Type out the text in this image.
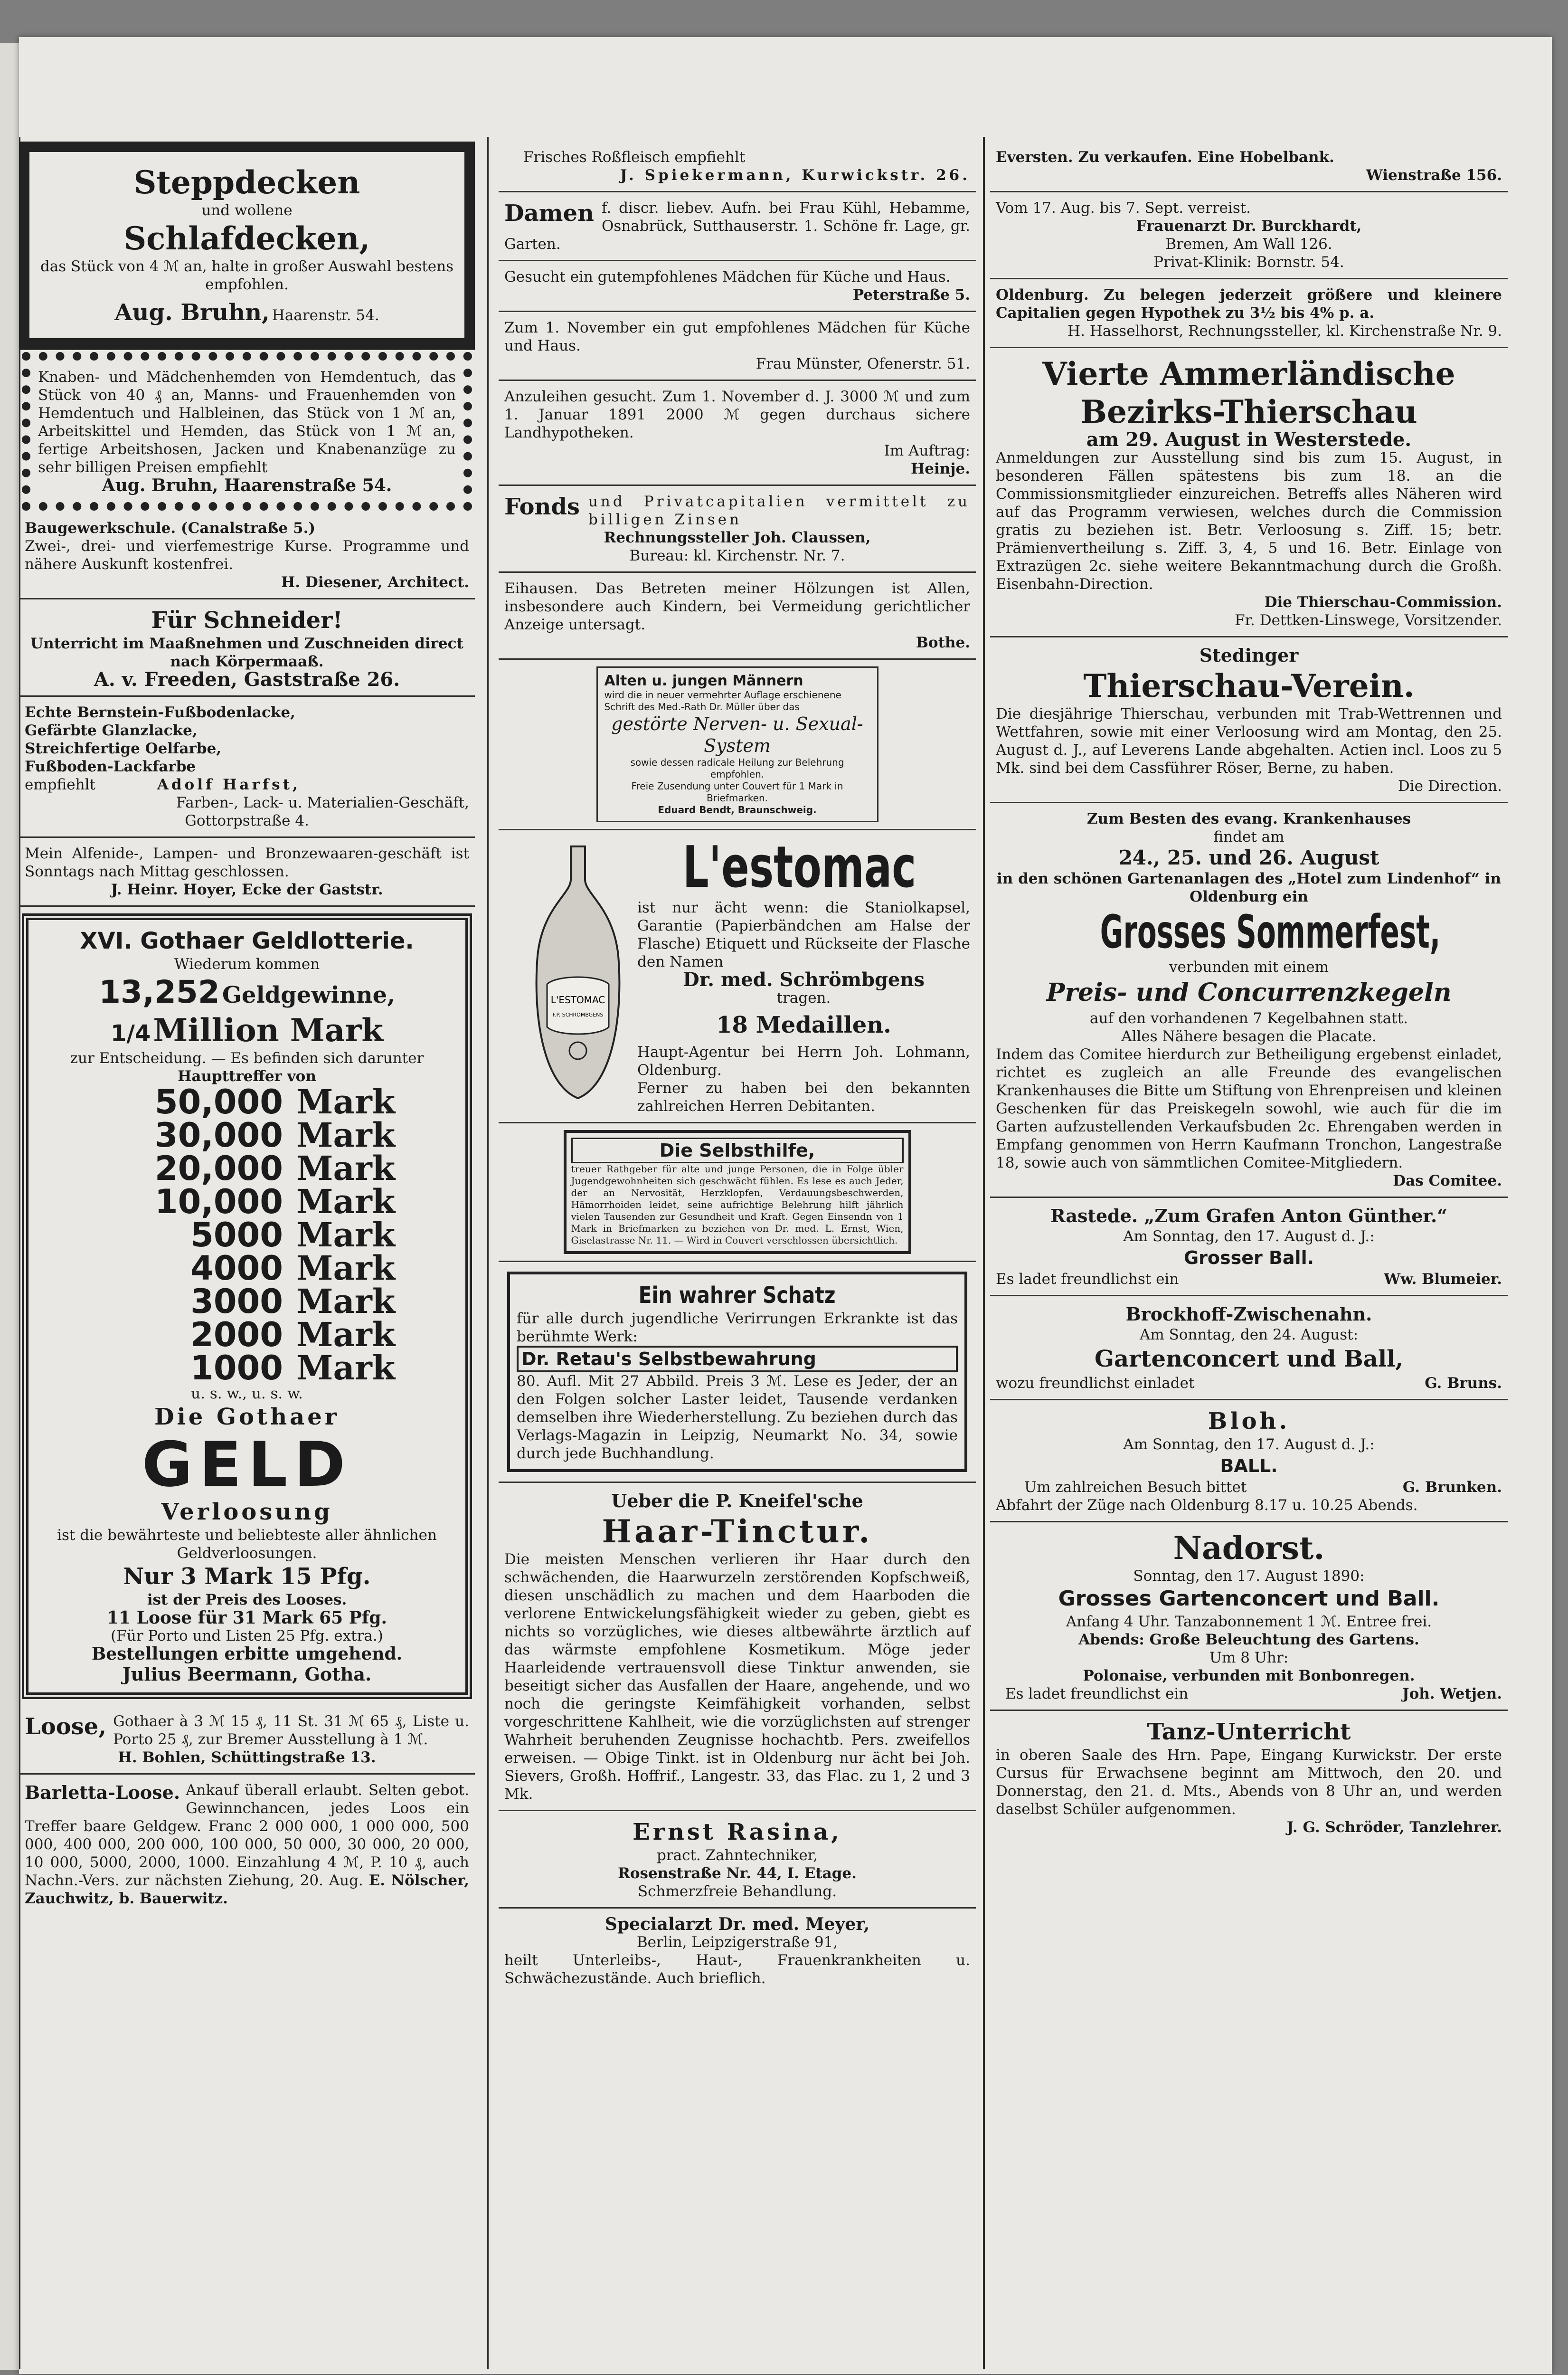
Steppdecken
und wollene
Schlafdecken,

das Stück von 4 ℳ an, halte in großer Auswahl bestens empfohlen.

Aug. Bruhn, Haarenstr. 54.

Knaben- und Mädchenhemden von Hemdentuch, das Stück von 40 ₰ an, Manns- und Frauenhemden von Hemdentuch und Halbleinen, das Stück von 1 ℳ an, Arbeitskittel und Hemden, das Stück von 1 ℳ an, fertige Arbeitshosen, Jacken und Knabenanzüge zu sehr billigen Preisen empfiehlt

Aug. Bruhn, Haarenstraße 54.

Baugewerkschule. (Canalstraße 5.)

Zwei-, drei- und vierfemestrige Kurse. Programme und nähere Auskunft kostenfrei.

H. Diesener, Architect.

Für Schneider!

Unterricht im Maaßnehmen und Zuschneiden direct nach Körpermaaß.

A. v. Freeden, Gaststraße 26.

Echte Bernstein-Fußbodenlacke,

Gefärbte Glanzlacke,

Streichfertige Oelfarbe,

Fußboden-Lackfarbe

empfiehlt	Adolf Harfst,

Farben-, Lack- u. Materialien-Geschäft,

Gottorpstraße 4.

Mein Alfenide-, Lampen- und Bronzewaaren-geschäft ist Sonntags nach Mittag geschlossen.

J. Heinr. Hoyer, Ecke der Gaststr.

XVI. Gothaer Geldlotterie.
Wiederum kommen
13,252 Geldgewinne,
1/4 Million Mark
zur Entscheidung. — Es befinden sich darunter
Haupttreffer von
50,000 Mark
30,000 Mark
20,000 Mark
10,000 Mark
5000 Mark
4000 Mark
3000 Mark
2000 Mark
1000 Mark
u. s. w., u. s. w.
Die Gothaer
GELD
Verloosung
ist die bewährteste und beliebteste aller ähnlichen Geldverloosungen.
Nur 3 Mark 15 Pfg.
ist der Preis des Looses.
11 Loose für 31 Mark 65 Pfg.
(Für Porto und Listen 25 Pfg. extra.)
Bestellungen erbitte umgehend.
Julius Beermann, Gotha.

Loose, Gothaer à 3 ℳ 15 ₰, 11 St. 31 ℳ 65 ₰, Liste u. Porto 25 ₰, zur Bremer Ausstellung à 1 ℳ.

H. Bohlen, Schüttingstraße 13.

Barletta-Loose. Ankauf überall erlaubt. Selten gebot. Gewinnchancen, jedes Loos ein Treffer baare Geldgew. Franc 2 000 000, 1 000 000, 500 000, 400 000, 200 000, 100 000, 50 000, 30 000, 20 000, 10 000, 5000, 2000, 1000. Einzahlung 4 ℳ, P. 10 ₰, auch Nachn.-Vers. zur nächsten Ziehung, 20. Aug. E. Nölscher, Zauchwitz, b. Bauerwitz.

Frisches Roßfleisch empfiehlt

J. Spiekermann, Kurwickstr. 26.

Damen f. discr. liebev. Aufn. bei Frau Kühl, Hebamme, Osnabrück, Sutthauserstr. 1. Schöne fr. Lage, gr. Garten.

Gesucht ein gutempfohlenes Mädchen für Küche und Haus.

Peterstraße 5.

Zum 1. November ein gut empfohlenes Mädchen für Küche und Haus.

Frau Münster, Ofenerstr. 51.

Anzuleihen gesucht. Zum 1. November d. J. 3000 ℳ und zum 1. Januar 1891 2000 ℳ gegen durchaus sichere Landhypotheken.

Im Auftrag:

Heinje.

Fonds und Privatcapitalien vermittelt zu billigen Zinsen

Rechnungssteller Joh. Claussen,

Bureau: kl. Kirchenstr. Nr. 7.

Eihausen. Das Betreten meiner Hölzungen ist Allen, insbesondere auch Kindern, bei Vermeidung gerichtlicher Anzeige untersagt.

Bothe.

Alten u. jungen Männern
wird die in neuer vermehrter Auflage erschienene Schrift des Med.-Rath Dr. Müller über das
gestörte Nerven- u. Sexual-System
sowie dessen radicale Heilung zur Belehrung empfohlen.
Freie Zusendung unter Couvert für 1 Mark in Briefmarken.
Eduard Bendt, Braunschweig.
L'ESTOMAC
F.P. SCHRÖMBGENS
L'estomac

ist nur ächt wenn: die Staniolkapsel, Garantie (Papierbändchen am Halse der Flasche) Etiquett und Rückseite der Flasche den Namen

Dr. med. Schrömbgens

tragen.

18 Medaillen.

Haupt-Agentur bei Herrn Joh. Lohmann, Oldenburg.

Ferner zu haben bei den bekannten zahlreichen Herren Debitanten.

Die Selbsthilfe,
treuer Rathgeber für alte und junge Personen, die in Folge übler Jugendgewohnheiten sich geschwächt fühlen. Es lese es auch Jeder, der an Nervosität, Herzklopfen, Verdauungsbeschwerden, Hämorrhoiden leidet, seine aufrichtige Belehrung hilft jährlich vielen Tausenden zur Gesundheit und Kraft. Gegen Einsendn von 1 Mark in Briefmarken zu beziehen von Dr. med. L. Ernst, Wien, Giselastrasse Nr. 11. — Wird in Couvert verschlossen übersichtlich.
Ein wahrer Schatz

für alle durch jugendliche Verirrungen Erkrankte ist das berühmte Werk:

Dr. Retau's Selbstbewahrung

80. Aufl. Mit 27 Abbild. Preis 3 ℳ. Lese es Jeder, der an den Folgen solcher Laster leidet, Tausende verdanken demselben ihre Wiederherstellung. Zu beziehen durch das Verlags-Magazin in Leipzig, Neumarkt No. 34, sowie durch jede Buchhandlung.

Ueber die P. Kneifel'sche
Haar-Tinctur.

Die meisten Menschen verlieren ihr Haar durch den schwächenden, die Haarwurzeln zerstörenden Kopfschweiß, diesen unschädlich zu machen und dem Haarboden die verlorene Entwickelungsfähigkeit wieder zu geben, giebt es nichts so vorzügliches, wie dieses altbewährte ärztlich auf das wärmste empfohlene Kosmetikum. Möge jeder Haarleidende vertrauensvoll diese Tinktur anwenden, sie beseitigt sicher das Ausfallen der Haare, angehende, und wo noch die geringste Keimfähigkeit vorhanden, selbst vorgeschrittene Kahlheit, wie die vorzüglichsten auf strenger Wahrheit beruhenden Zeugnisse hochachtb. Pers. zweifellos erweisen. — Obige Tinkt. ist in Oldenburg nur ächt bei Joh. Sievers, Großh. Hoffrif., Langestr. 33, das Flac. zu 1, 2 und 3 Mk.

Ernst Rasina,

pract. Zahntechniker,

Rosenstraße Nr. 44, I. Etage.

Schmerzfreie Behandlung.

Specialarzt Dr. med. Meyer,

Berlin, Leipzigerstraße 91,

heilt Unterleibs-, Haut-, Frauenkrankheiten u. Schwächezustände. Auch brieflich.

Eversten. Zu verkaufen. Eine Hobelbank.

Wienstraße 156.

Vom 17. Aug. bis 7. Sept. verreist.

Frauenarzt Dr. Burckhardt,

Bremen, Am Wall 126.

Privat-Klinik: Bornstr. 54.

Oldenburg. Zu belegen jederzeit größere und kleinere Capitalien gegen Hypothek zu 3½ bis 4% p. a.

H. Hasselhorst, Rechnungssteller, kl. Kirchenstraße Nr. 9.

Vierte Ammerländische
Bezirks-Thierschau

am 29. August in Westerstede.

Anmeldungen zur Ausstellung sind bis zum 15. August, in besonderen Fällen spätestens bis zum 18. an die Commissionsmitglieder einzureichen. Betreffs alles Näheren wird auf das Programm verwiesen, welches durch die Commission gratis zu beziehen ist. Betr. Verloosung s. Ziff. 15; betr. Prämienvertheilung s. Ziff. 3, 4, 5 und 16. Betr. Einlage von Extrazügen 2c. siehe weitere Bekanntmachung durch die Großh. Eisenbahn-Direction.

Die Thierschau-Commission.

Fr. Dettken-Linswege, Vorsitzender.

Stedinger
Thierschau-Verein.

Die diesjährige Thierschau, verbunden mit Trab-Wettrennen und Wettfahren, sowie mit einer Verloosung wird am Montag, den 25. August d. J., auf Leverens Lande abgehalten. Actien incl. Loos zu 5 Mk. sind bei dem Cassführer Röser, Berne, zu haben.

Die Direction.

Zum Besten des evang. Krankenhauses

findet am

24., 25. und 26. August

in den schönen Gartenanlagen des „Hotel zum Lindenhof“ in Oldenburg ein

Grosses Sommerfest,

verbunden mit einem

Preis- und Concurrenzkegeln

auf den vorhandenen 7 Kegelbahnen statt.

Alles Nähere besagen die Placate.

Indem das Comitee hierdurch zur Betheiligung ergebenst einladet, richtet es zugleich an alle Freunde des evangelischen Krankenhauses die Bitte um Stiftung von Ehrenpreisen und kleinen Geschenken für das Preiskegeln sowohl, wie auch für die im Garten aufzustellenden Verkaufsbuden 2c. Ehrengaben werden in Empfang genommen von Herrn Kaufmann Tronchon, Langestraße 18, sowie auch von sämmtlichen Comitee-Mitgliedern.

Das Comitee.

Rastede. „Zum Grafen Anton Günther.“

Am Sonntag, den 17. August d. J.:

Grosser Ball.

Es ladet freundlichst ein	Ww. Blumeier.

Brockhoff-Zwischenahn.

Am Sonntag, den 24. August:

Gartenconcert und Ball,

wozu freundlichst einladet	G. Bruns.

Bloh.

Am Sonntag, den 17. August d. J.:

BALL.

Um zahlreichen Besuch bittet	G. Brunken.

Abfahrt der Züge nach Oldenburg 8.17 u. 10.25 Abends.

Nadorst.

Sonntag, den 17. August 1890:

Grosses Gartenconcert und Ball.

Anfang 4 Uhr. Tanzabonnement 1 ℳ. Entree frei.

Abends: Große Beleuchtung des Gartens.

Um 8 Uhr:

Polonaise, verbunden mit Bonbonregen.

Es ladet freundlichst ein	Joh. Wetjen.

Tanz-Unterricht

in oberen Saale des Hrn. Pape, Eingang Kurwickstr. Der erste Cursus für Erwachsene beginnt am Mittwoch, den 20. und Donnerstag, den 21. d. Mts., Abends von 8 Uhr an, und werden daselbst Schüler aufgenommen.

J. G. Schröder, Tanzlehrer.
